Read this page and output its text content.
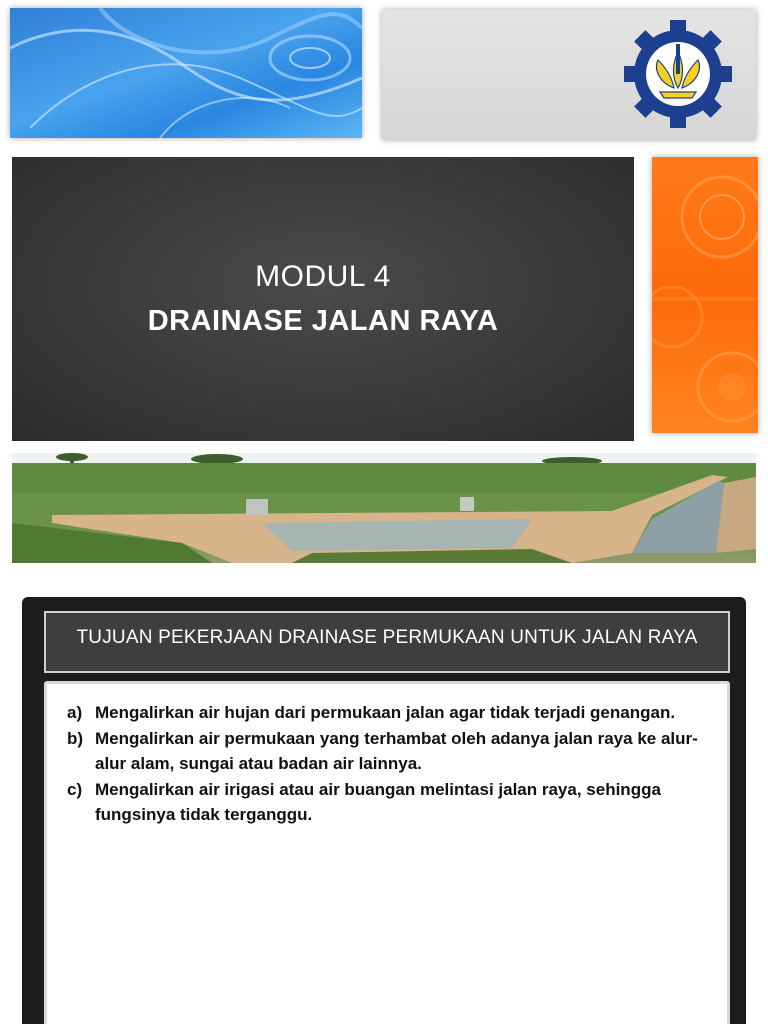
MODUL 4
DRAINASE JALAN RAYA
TUJUAN PEKERJAAN DRAINASE PERMUKAAN UNTUK JALAN RAYA
a) Mengalirkan air hujan dari permukaan jalan agar tidak terjadi genangan.
b) Mengalirkan air permukaan yang terhambat oleh adanya jalan raya ke alur-alur alam, sungai atau badan air lainnya.
c) Mengalirkan air irigasi atau air buangan melintasi jalan raya, sehingga fungsinya tidak terganggu.
